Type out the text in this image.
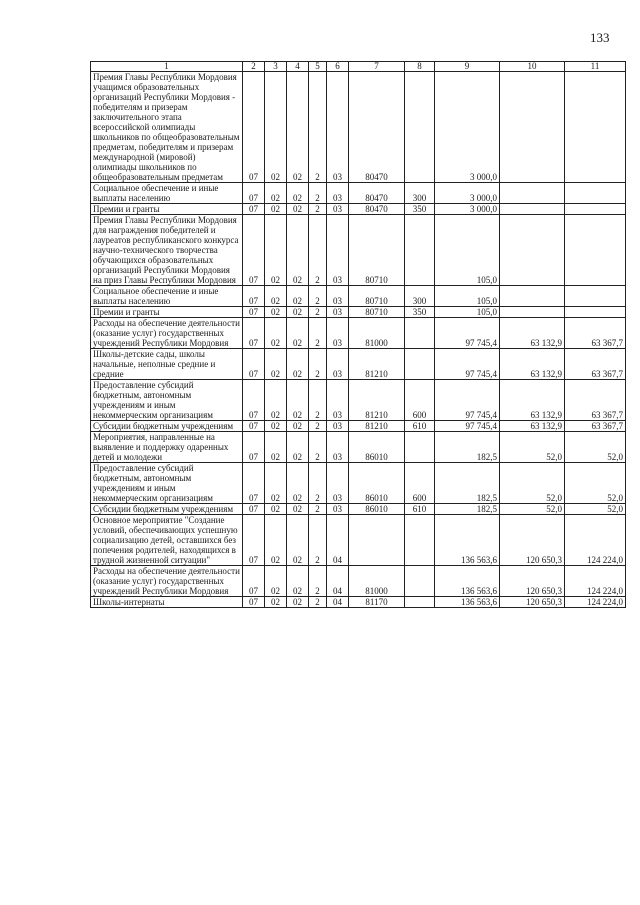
133
1	2	3	4	5	6	7	8	9	10	11
Премия Главы Республики Мордовия учащимся образовательных организаций Республики Мордовия - победителям и призерам заключительного этапа всероссийской олимпиады школьников по общеобразовательным предметам, победителям и призерам международной (мировой) олимпиады школьников по общеобразовательным предметам	07	02	02	2	03	80470		3 000,0		
Социальное обеспечение и иные выплаты населению	07	02	02	2	03	80470	300	3 000,0		
Премии и гранты	07	02	02	2	03	80470	350	3 000,0		
Премия Главы Республики Мордовия для награждения победителей и лауреатов республиканского конкурса научно-технического творчества обучающихся образовательных организаций Республики Мордовия на приз Главы Республики Мордовия	07	02	02	2	03	80710		105,0		
Социальное обеспечение и иные выплаты населению	07	02	02	2	03	80710	300	105,0		
Премии и гранты	07	02	02	2	03	80710	350	105,0		
Расходы на обеспечение деятельности (оказание услуг) государственных учреждений Республики Мордовия	07	02	02	2	03	81000		97 745,4	63 132,9	63 367,7
Школы-детские сады, школы начальные, неполные средние и средние	07	02	02	2	03	81210		97 745,4	63 132,9	63 367,7
Предоставление субсидий бюджетным, автономным учреждениям и иным некоммерческим организациям	07	02	02	2	03	81210	600	97 745,4	63 132,9	63 367,7
Субсидии бюджетным учреждениям	07	02	02	2	03	81210	610	97 745,4	63 132,9	63 367,7
Мероприятия, направленные на выявление и поддержку одаренных детей и молодежи	07	02	02	2	03	86010		182,5	52,0	52,0
Предоставление субсидий бюджетным, автономным учреждениям и иным некоммерческим организациям	07	02	02	2	03	86010	600	182,5	52,0	52,0
Субсидии бюджетным учреждениям	07	02	02	2	03	86010	610	182,5	52,0	52,0
Основное мероприятие "Создание условий, обеспечивающих успешную социализацию детей, оставшихся без попечения родителей, находящихся в трудной жизненной ситуации"	07	02	02	2	04			136 563,6	120 650,3	124 224,0
Расходы на обеспечение деятельности (оказание услуг) государственных учреждений Республики Мордовия	07	02	02	2	04	81000		136 563,6	120 650,3	124 224,0
Школы-интернаты	07	02	02	2	04	81170		136 563,6	120 650,3	124 224,0
